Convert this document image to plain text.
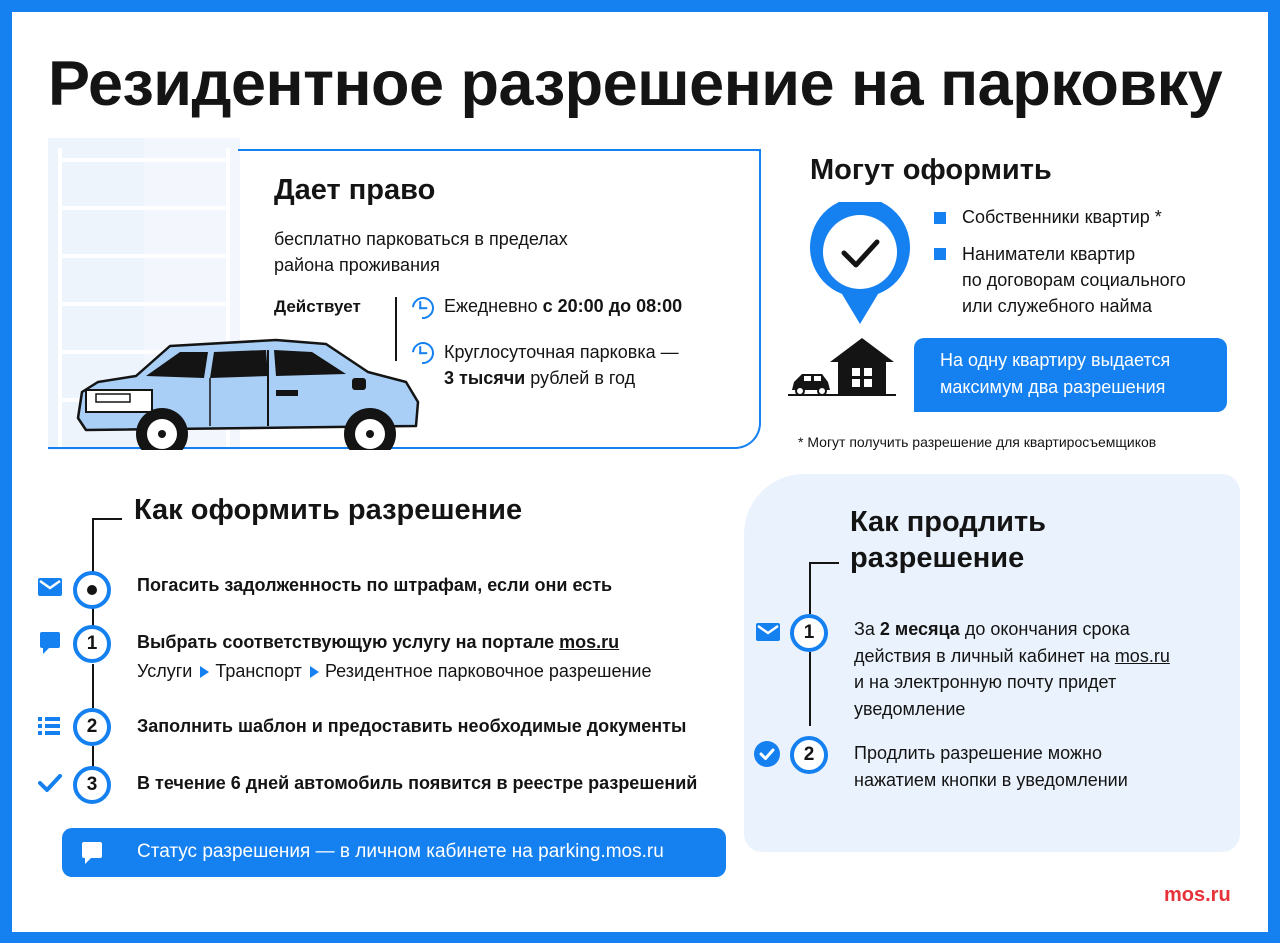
Резидентное разрешение на парковку
Дает право
бесплатно парковаться в пределах
района проживания
Действует	Ежедневно с 20:00 до 08:00
Круглосуточная парковка —
3 тысячи рублей в год
Могут оформить
Собственники квартир *
Наниматели квартир
по договорам социального
или служебного найма
На одну квартиру выдается
максимум два разрешения
* Могут получить разрешение для квартиросъемщиков
Как оформить разрешение
1
2
3
Погасить задолженность по штрафам, если они есть
Выбрать соответствующую услугу на портале mos.ru
Услуги Транспорт Резидентное парковочное разрешение
Заполнить шаблон и предоставить необходимые документы
В течение 6 дней автомобиль появится в реестре разрешений
Статус разрешения — в личном кабинете на parking.mos.ru
Как продлить
разрешение
1
2
За 2 месяца до окончания срока
действия в личный кабинет на mos.ru
и на электронную почту придет
уведомление
Продлить разрешение можно
нажатием кнопки в уведомлении
mos.ru
